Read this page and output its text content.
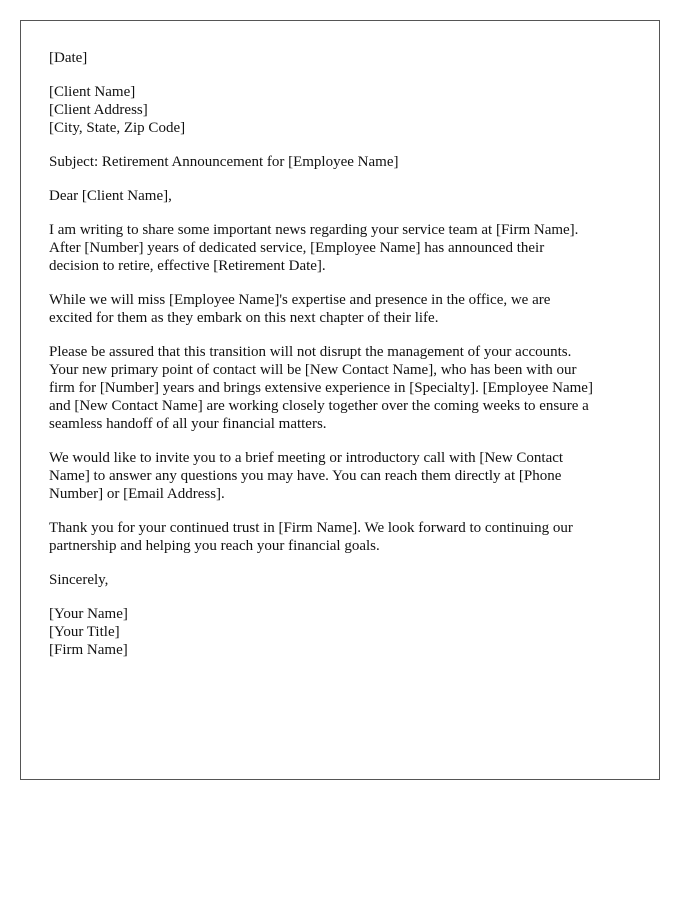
[Date]
[Client Name]
[Client Address]
[City, State, Zip Code]

Subject: Retirement Announcement for [Employee Name]

Dear [Client Name],

I am writing to share some important news regarding your service team at [Firm Name].
After [Number] years of dedicated service, [Employee Name] has announced their
decision to retire, effective [Retirement Date].

While we will miss [Employee Name]'s expertise and presence in the office, we are
excited for them as they embark on this next chapter of their life.

Please be assured that this transition will not disrupt the management of your accounts.
Your new primary point of contact will be [New Contact Name], who has been with our
firm for [Number] years and brings extensive experience in [Specialty]. [Employee Name]
and [New Contact Name] are working closely together over the coming weeks to ensure a
seamless handoff of all your financial matters.

We would like to invite you to a brief meeting or introductory call with [New Contact
Name] to answer any questions you may have. You can reach them directly at [Phone
Number] or [Email Address].

Thank you for your continued trust in [Firm Name]. We look forward to continuing our
partnership and helping you reach your financial goals.

Sincerely,

[Your Name]
[Your Title]
[Firm Name]
